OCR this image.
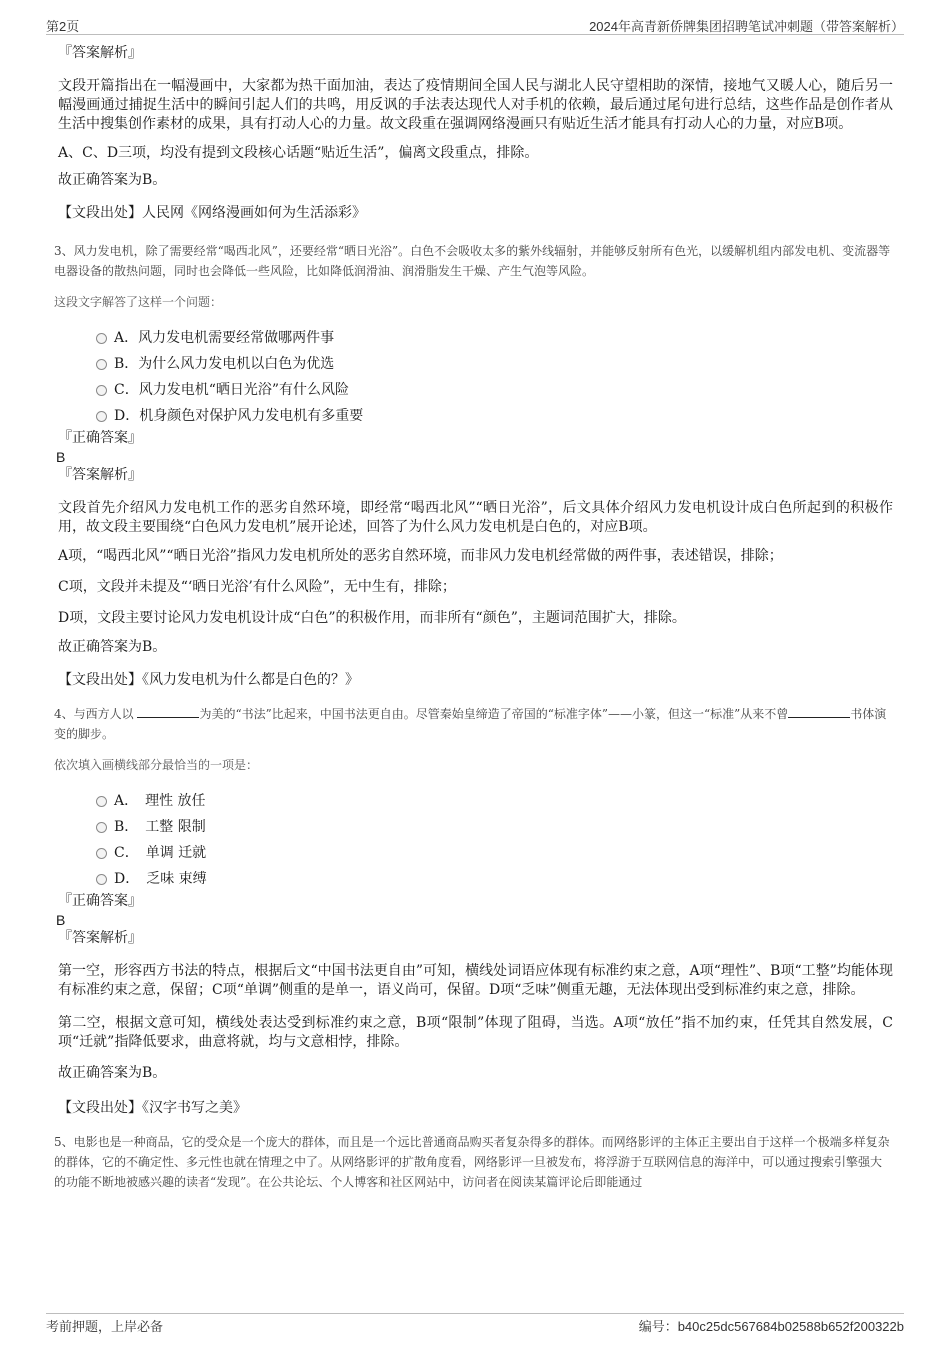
第2页	2024年高青新侨牌集团招聘笔试冲刺题（带答案解析）
『答案解析』

文段开篇指出在一幅漫画中，大家都为热干面加油，表达了疫情期间全国人民与湖北人民守望相助的深情，接地气又暖人心，随后另一幅漫画通过捕捉生活中的瞬间引起人们的共鸣，用反讽的手法表达现代人对手机的依赖，最后通过尾句进行总结，这些作品是创作者从生活中搜集创作素材的成果，具有打动人心的力量。故文段重在强调网络漫画只有贴近生活才能具有打动人心的力量，对应B项。

A、C、D三项，均没有提到文段核心话题“贴近生活”，偏离文段重点，排除。

故正确答案为B。

【文段出处】人民网《网络漫画如何为生活添彩》

3、风力发电机，除了需要经常“喝西北风”，还要经常“晒日光浴”。白色不会吸收太多的紫外线辐射，并能够反射所有色光，以缓解机组内部发电机、变流器等电器设备的散热问题，同时也会降低一些风险，比如降低润滑油、润滑脂发生干燥、产生气泡等风险。

这段文字解答了这样一个问题：

A．风力发电机需要经常做哪两件事
B．为什么风力发电机以白色为优选
C．风力发电机“晒日光浴”有什么风险
D．机身颜色对保护风力发电机有多重要
『正确答案』
B
『答案解析』

文段首先介绍风力发电机工作的恶劣自然环境，即经常“喝西北风”“晒日光浴”，后文具体介绍风力发电机设计成白色所起到的积极作用，故文段主要围绕“白色风力发电机”展开论述，回答了为什么风力发电机是白色的，对应B项。

A项，“喝西北风”“晒日光浴”指风力发电机所处的恶劣自然环境，而非风力发电机经常做的两件事，表述错误，排除；

C项，文段并未提及“‘晒日光浴’有什么风险”，无中生有，排除；

D项，文段主要讨论风力发电机设计成“白色”的积极作用，而非所有“颜色”，主题词范围扩大，排除。

故正确答案为B。

【文段出处】《风力发电机为什么都是白色的？》

4、与西方人以	为美的“书法”比起来，中国书法更自由。尽管秦始皇缔造了帝国的“标准字体”——小篆，但这一“标准”从来不曾	书体演变的脚步。

依次填入画横线部分最恰当的一项是：

A．　理性 放任
B．　工整 限制
C．　单调 迁就
D．　乏味 束缚
『正确答案』
B
『答案解析』

第一空，形容西方书法的特点，根据后文“中国书法更自由”可知，横线处词语应体现有标准约束之意，A项“理性”、B项“工整”均能体现有标准约束之意，保留；C项“单调”侧重的是单一，语义尚可，保留。D项“乏味”侧重无趣，无法体现出受到标准约束之意，排除。

第二空，根据文意可知，横线处表达受到标准约束之意，B项“限制”体现了阻碍，当选。A项“放任”指不加约束，任凭其自然发展，C项“迁就”指降低要求，曲意将就，均与文意相悖，排除。

故正确答案为B。

【文段出处】《汉字书写之美》

5、电影也是一种商品，它的受众是一个庞大的群体，而且是一个远比普通商品购买者复杂得多的群体。而网络影评的主体正主要出自于这样一个极端多样复杂的群体，它的不确定性、多元性也就在情理之中了。从网络影评的扩散角度看，网络影评一旦被发布，将浮游于互联网信息的海洋中，可以通过搜索引擎强大的功能不断地被感兴趣的读者“发现”。在公共论坛、个人博客和社区网站中，访问者在阅读某篇评论后即能通过

考前押题，上岸必备	编号：b40c25dc567684b02588b652f200322b
